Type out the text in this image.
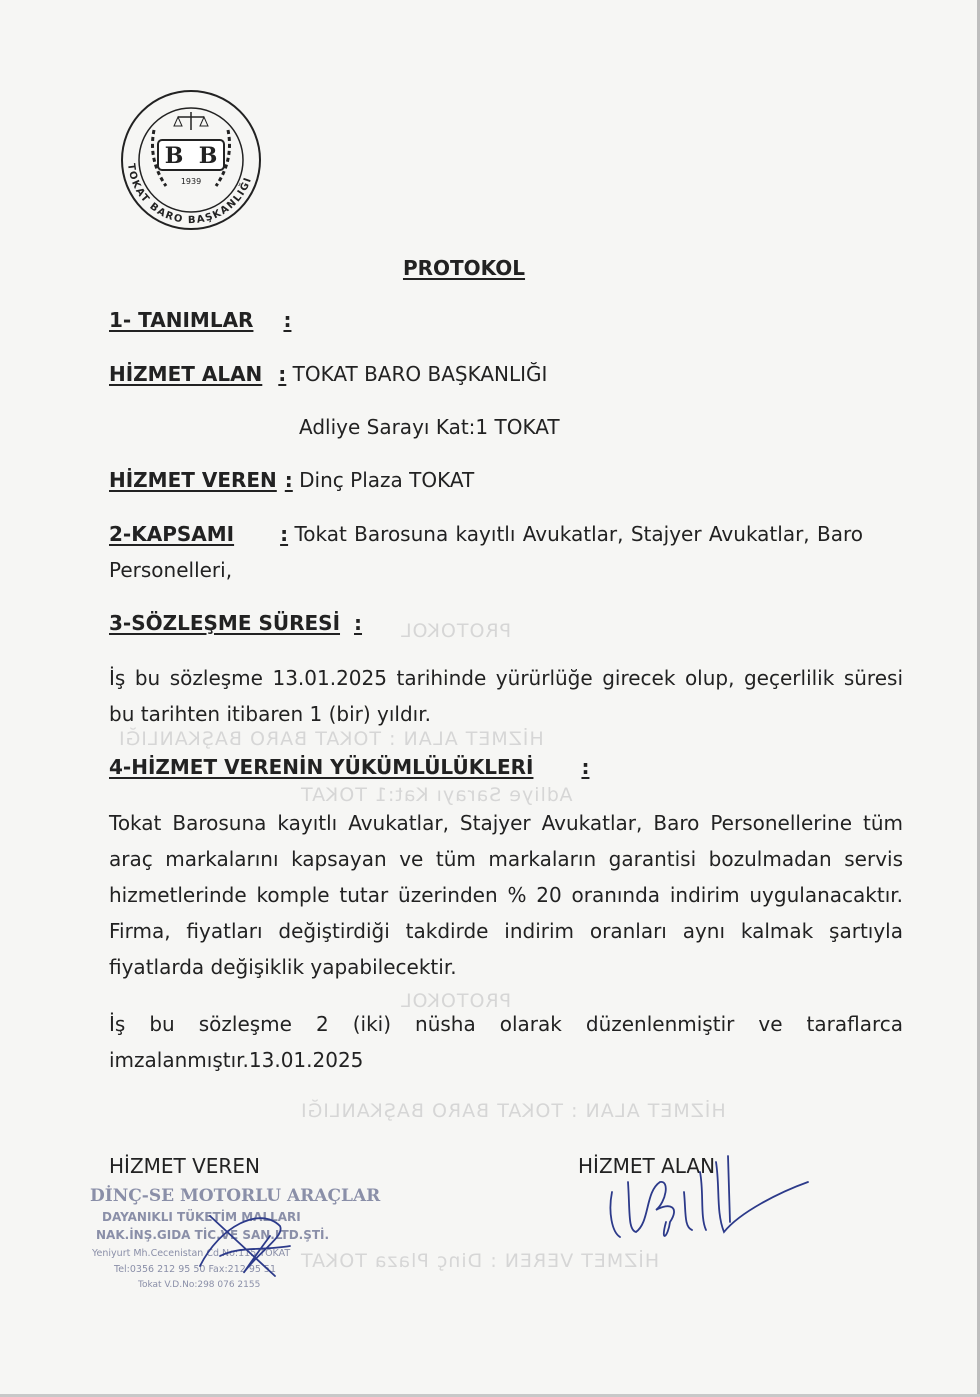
PROTOKOL
HİZMET ALAN : TOKAT BARO BAŞKANLIĞI
Adliye Sarayı Kat:1 TOKAT
PROTOKOL
HİZMET ALAN : TOKAT BARO BAŞKANLIĞI
HİZMET VEREN : Dinç Plaza TOKAT
TOKAT BARO BAŞKANLIĞI
B B
1939
PROTOKOL
1- TANIMLAR :
HİZMET ALAN : TOKAT BARO BAŞKANLIĞI
Adliye Sarayı Kat:1 TOKAT
HİZMET VEREN : Dinç Plaza TOKAT
2-KAPSAMI : Tokat Barosuna kayıtlı Avukatlar, Stajyer Avukatlar, Baro
Personelleri,
3-SÖZLEŞME SÜRESİ :
İş bu sözleşme 13.01.2025 tarihinde yürürlüğe girecek olup, geçerlilik süresi bu tarihten itibaren 1 (bir) yıldır.
4-HİZMET VERENİN YÜKÜMLÜLÜKLERİ :
Tokat Barosuna kayıtlı Avukatlar, Stajyer Avukatlar, Baro Personellerine tüm araç markalarını kapsayan ve tüm markaların garantisi bozulmadan servis hizmetlerinde komple tutar üzerinden % 20 oranında indirim uygulanacaktır. Firma, fiyatları değiştirdiği takdirde indirim oranları aynı kalmak şartıyla fiyatlarda değişiklik yapabilecektir.
İş bu sözleşme 2 (iki) nüsha olarak düzenlenmiştir ve taraflarca imzalanmıştır.13.01.2025
HİZMET VEREN	HİZMET ALAN
DİNÇ-SE MOTORLU ARAÇLAR
DAYANIKLI TÜKETİM MALLARI
NAK.İNŞ.GIDA TİC.VE SAN.LTD.ŞTİ.
Yeniyurt Mh.Cecenistan Cd.No:115 TOKAT
Tel:0356 212 95 50 Fax:212 95 51
Tokat V.D.No:298 076 2155
